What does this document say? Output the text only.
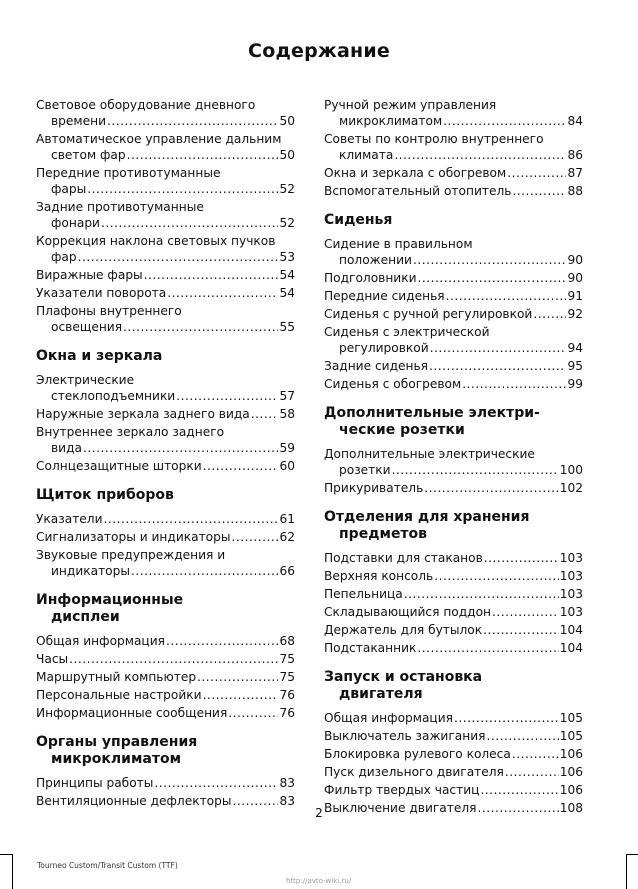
Содержание
Световое оборудование дневного
времени .....	50
Автоматическое управление дальним
светом фар .....	50
Передние противотуманные
фары .....	52
Задние противотуманные
фонари .....	52
Коррекция наклона световых пучков
фар .....	53
Виражные фары .....	54
Указатели поворота .....	54
Плафоны внутреннего
освещения .....	55
Окна и зеркала
Электрические
стеклоподъемники .....	57
Наружные зеркала заднего вида ..... 58
Внутреннее зеркало заднего
вида .....	59
Солнцезащитные шторки .....	60
Щиток приборов
Указатели .....	61
Сигнализаторы и индикаторы .....	62
Звуковые предупреждения и
индикаторы .....	66
Информационные
дисплеи
Общая информация .....	68
Часы .....	75
Маршрутный компьютер .....	75
Персональные настройки .....	76
Информационные сообщения .....	76
Органы управления
микроклиматом
Принципы работы .....	83
Вентиляционные дефлекторы .....	83
Ручной режим управления
микроклиматом .....	84
Советы по контролю внутреннего
климата .....	86
Окна и зеркала с обогревом .....	87
Вспомогательный отопитель .....	88
Сиденья
Сидение в правильном
положении .....	90
Подголовники .....	90
Передние сиденья .....	91
Сиденья с ручной регулировкой .....	92
Сиденья с электрической
регулировкой .....	94
Задние сиденья .....	95
Сиденья с обогревом .....	99
Дополнительные электри-
ческие розетки
Дополнительные электрические
розетки .....	100
Прикуриватель .....	102
Отделения для хранения
предметов
Подставки для стаканов .....	103
Верхняя консоль .....	103
Пепельница .....	103
Складывающийся поддон .....	103
Держатель для бутылок .....	104
Подстаканник .....	104
Запуск и остановка
двигателя
Общая информация .....	105
Выключатель зажигания .....	105
Блокировка рулевого колеса .....	106
Пуск дизельного двигателя .....	106
Фильтр твердых частиц .....	106
Выключение двигателя .....	108
2
Tourneo Custom/Transit Custom (TTF)
http://avto-wiki.ru/
